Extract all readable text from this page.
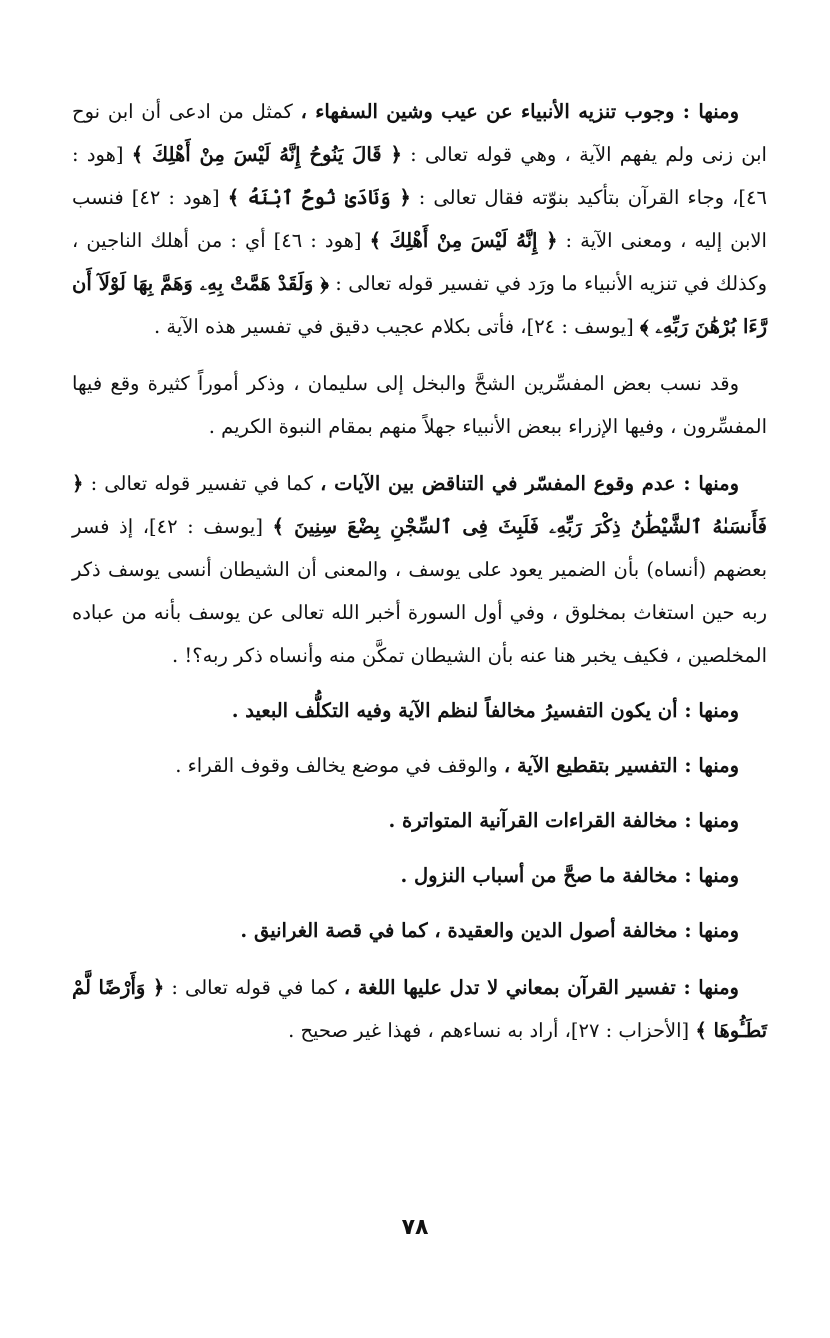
ومنها : وجوب تنزيه الأنبياء عن عيب وشين السفهاء ، كمثل من ادعى أن ابن نوح ابن زنى ولم يفهم الآية ، وهي قوله تعالى : ﴿ قَالَ يَنُوحُ إِنَّهُ لَيْسَ مِنْ أَهْلِكَ ﴾ [هود : ٤٦]، وجاء القرآن بتأكيد بنوّته فقال تعالى : ﴿ وَنَادَىٰ نُوحٌ ٱبْنَهُ ﴾ [هود : ٤٢] فنسب الابن إليه ، ومعنى الآية : ﴿ إِنَّهُ لَيْسَ مِنْ أَهْلِكَ ﴾ [هود : ٤٦] أي : من أهلك الناجين ، وكذلك في تنزيه الأنبياء ما ورَد في تفسير قوله تعالى : ﴿ وَلَقَدْ هَمَّتْ بِهِۦ وَهَمَّ بِهَا لَوْلَآ أَن رَّءَا بُرْهَٰنَ رَبِّهِۦ ﴾ [يوسف : ٢٤]، فأتى بكلام عجيب دقيق في تفسير هذه الآية .

وقد نسب بعض المفسِّرين الشحَّ والبخل إلى سليمان ، وذكر أموراً كثيرة وقع فيها المفسِّرون ، وفيها الإزراء ببعض الأنبياء جهلاً منهم بمقام النبوة الكريم .

ومنها : عدم وقوع المفسّر في التناقض بين الآيات ، كما في تفسير قوله تعالى : ﴿ فَأَنسَىٰهُ ٱلشَّيْطَٰنُ ذِكْرَ رَبِّهِۦ فَلَبِثَ فِى ٱلسِّجْنِ بِضْعَ سِنِينَ ﴾ [يوسف : ٤٢]، إذ فسر بعضهم (أنساه) بأن الضمير يعود على يوسف ، والمعنى أن الشيطان أنسى يوسف ذكر ربه حين استغاث بمخلوق ، وفي أول السورة أخبر الله تعالى عن يوسف بأنه من عباده المخلصين ، فكيف يخبر هنا عنه بأن الشيطان تمكَّن منه وأنساه ذكر ربه؟! .

ومنها : أن يكون التفسيرُ مخالفاً لنظم الآية وفيه التكلُّف البعيد .

ومنها : التفسير بتقطيع الآية ، والوقف في موضع يخالف وقوف القراء .

ومنها : مخالفة القراءات القرآنية المتواترة .

ومنها : مخالفة ما صحَّ من أسباب النزول .

ومنها : مخالفة أصول الدين والعقيدة ، كما في قصة الغرانيق .

ومنها : تفسير القرآن بمعاني لا تدل عليها اللغة ، كما في قوله تعالى : ﴿ وَأَرْضًا لَّمْ تَطَـُٔوهَا ﴾ [الأحزاب : ٢٧]، أراد به نساءهم ، فهذا غير صحيح .

٧٨
